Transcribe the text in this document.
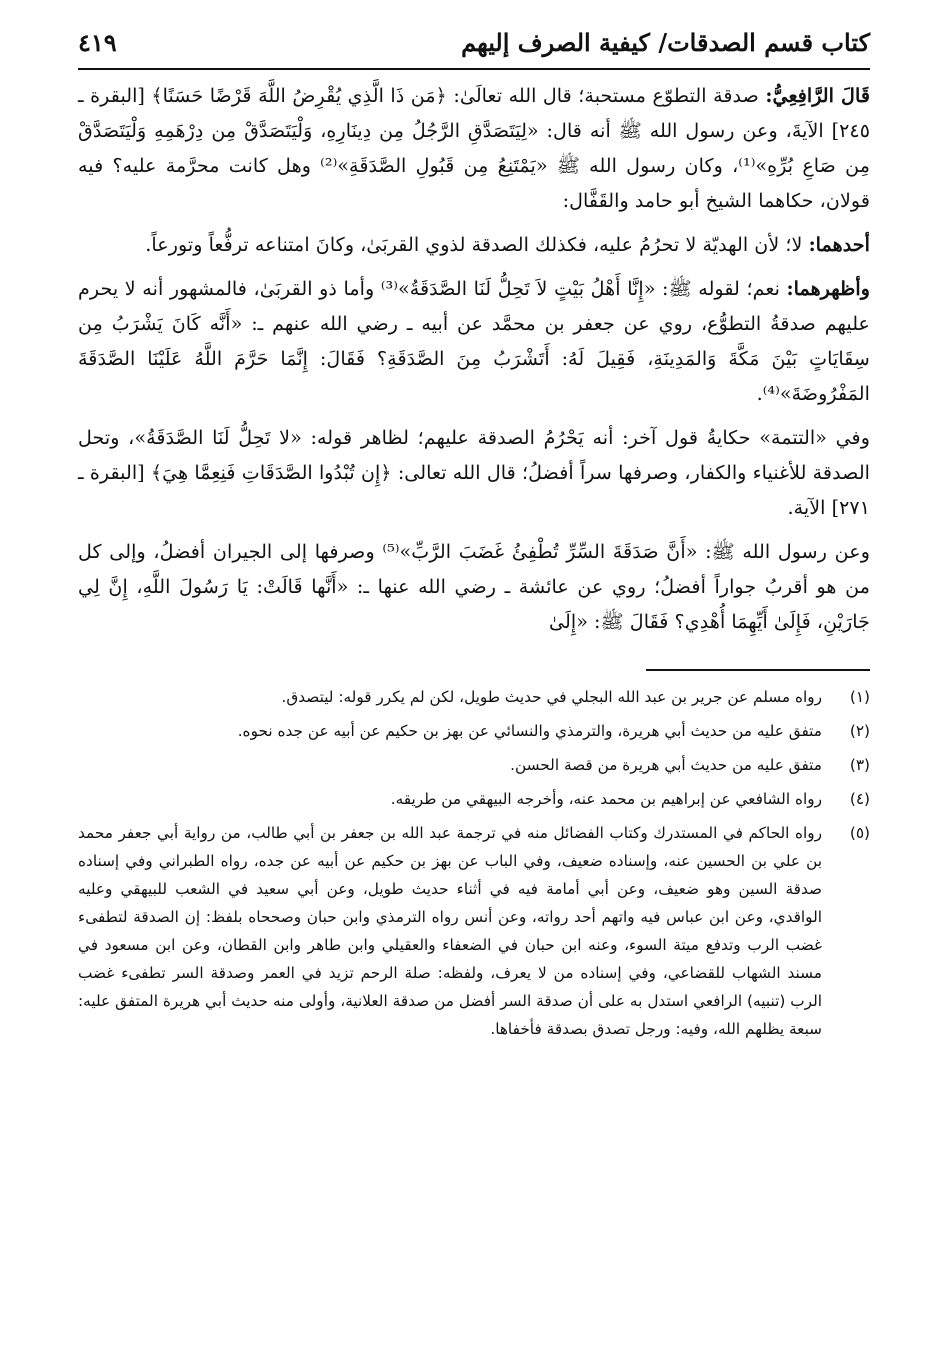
كتاب قسم الصدقات/ كيفية الصرف إليهم
٤١٩

قَالَ الرَّافِعِيُّ: صدقة التطوّع مستحبة؛ قال الله تعالَىٰ: ﴿مَن ذَا الَّذِي يُقْرِضُ اللَّهَ قَرْضًا حَسَنًا﴾ [البقرة ـ ٢٤٥] الآيةَ، وعن رسول الله ﷺ أنه قال: «لِيَتَصَدَّقِ الرَّجُلُ مِن دِينَارِهِ، وَلْيَتَصَدَّقْ مِن دِرْهَمِهِ وَلْيَتَصَدَّقْ مِن صَاعِ بُرِّهِ»⁽¹⁾، وكان رسول الله ﷺ «يَمْتَنِعُ مِن قَبُولِ الصَّدَقَةِ»⁽²⁾ وهل كانت محرَّمة عليه؟ فيه قولان، حكاهما الشيخ أبو حامد والقَفَّال:

أحدهما: لا؛ لأن الهديّة لا تحرُمُ عليه، فكذلك الصدقة لذوي القربَىٰ، وكانَ امتناعه ترفُّعاً وتورعاً.

وأظهرهما: نعم؛ لقوله ﷺ: «إِنَّا أَهْلُ بَيْتٍ لاَ تَحِلُّ لَنَا الصَّدَقَةُ»⁽³⁾ وأما ذو القربَىٰ، فالمشهور أنه لا يحرم عليهم صدقةُ التطوُّع، روي عن جعفر بن محمَّد عن أبيه ـ رضي الله عنهم ـ: «أَنَّه كَانَ يَشْرَبُ مِن سِقَايَاتٍ بَيْنَ مَكَّةَ وَالمَدِينَةِ، فَقِيلَ لَهُ: أَتَشْرَبُ مِنَ الصَّدَقَةِ؟ فَقَالَ: إِنَّمَا حَرَّمَ اللَّهُ عَلَيْنَا الصَّدَقَةَ المَفْرُوضَةَ»⁽⁴⁾.

وفي «التتمة» حكايةُ قول آخر: أنه يَحْرُمُ الصدقة عليهم؛ لظاهر قوله: «لا تَحِلُّ لَنَا الصَّدَقَةُ»، وتحل الصدقة للأغنياء والكفار، وصرفها سراً أفضلُ؛ قال الله تعالى: ﴿إِن تُبْدُوا الصَّدَقَاتِ فَنِعِمَّا هِيَ﴾ [البقرة ـ ٢٧١] الآية.

وعن رسول الله ﷺ: «أَنَّ صَدَقَةَ السِّرِّ تُطْفِئُ غَضَبَ الرَّبِّ»⁽⁵⁾ وصرفها إلى الجيران أفضلُ، وإلى كل من هو أقربُ جواراً أفضلُ؛ روي عن عائشة ـ رضي الله عنها ـ: «أَنَّها قَالَتْ: يَا رَسُولَ اللَّهِ، إِنَّ لِي جَارَيْنِ، فَإِلَىٰ أَيِّهِمَا أُهْدِي؟ فَقَالَ ﷺ: «إِلَىٰ

(١)
رواه مسلم عن جرير بن عبد الله البجلي في حديث طويل، لكن لم يكرر قوله: ليتصدق.
(٢)
متفق عليه من حديث أبي هريرة، والترمذي والنسائي عن بهز بن حكيم عن أبيه عن جده نحوه.
(٣)
متفق عليه من حديث أبي هريرة من قصة الحسن.
(٤)
رواه الشافعي عن إبراهيم بن محمد عنه، وأخرجه البيهقي من طريقه.
(٥)
رواه الحاكم في المستدرك وكتاب الفضائل منه في ترجمة عبد الله بن جعفر بن أبي طالب، من رواية أبي جعفر محمد بن علي بن الحسين عنه، وإسناده ضعيف، وفي الباب عن بهز بن حكيم عن أبيه عن جده، رواه الطبراني وفي إسناده صدقة السين وهو ضعيف، وعن أبي أمامة فيه في أثناء حديث طويل، وعن أبي سعيد في الشعب للبيهقي وعليه الواقدي، وعن ابن عباس فيه واتهم أحد رواته، وعن أنس رواه الترمذي وابن حبان وصححاه بلفظ: إن الصدقة لتطفىء غضب الرب وتدفع ميتة السوء، وعنه ابن حبان في الضعفاء والعقيلي وابن طاهر وابن القطان، وعن ابن مسعود في مسند الشهاب للقضاعي، وفي إسناده من لا يعرف، ولفظه: صلة الرحم تزيد في العمر وصدقة السر تطفىء غضب الرب (تنبيه) الرافعي استدل به على أن صدقة السر أفضل من صدقة العلانية، وأولى منه حديث أبي هريرة المتفق عليه: سبعة يظلهم الله، وفيه: ورجل تصدق بصدقة فأخفاها.
